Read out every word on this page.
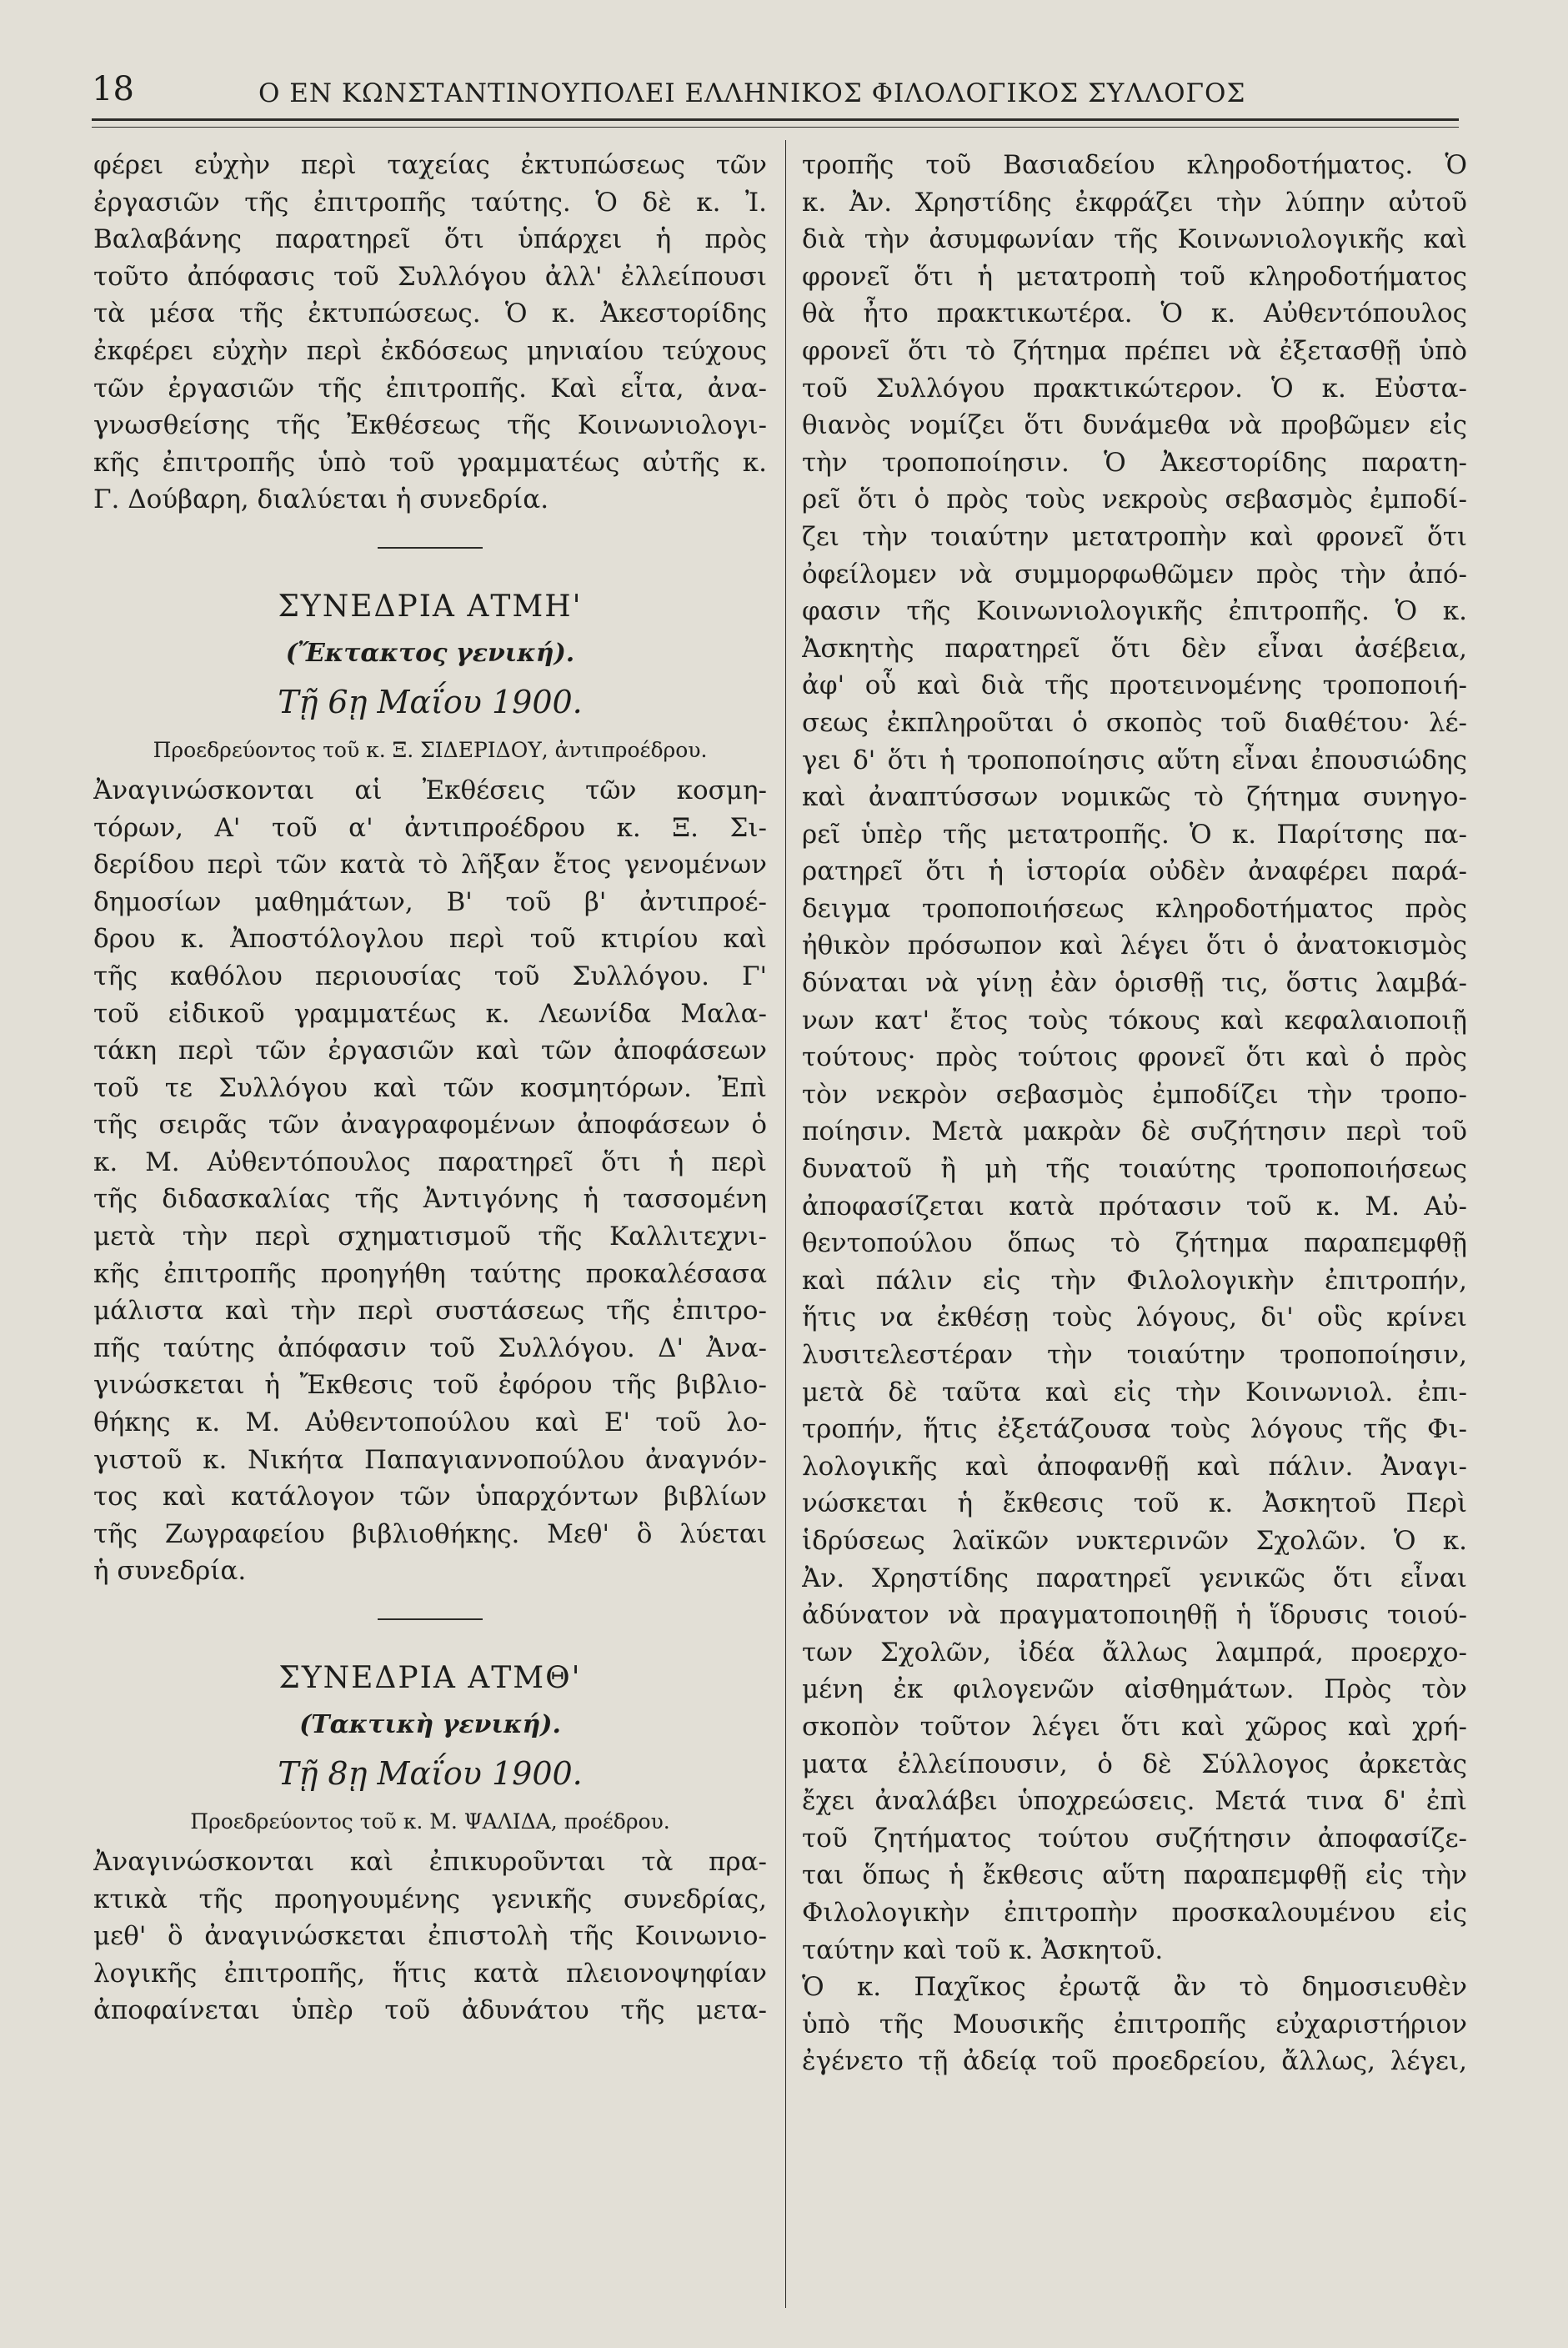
18	Ο ΕΝ ΚΩΝΣΤΑΝΤΙΝΟΥΠΟΛΕΙ ΕΛΛΗΝΙΚΟΣ ΦΙΛΟΛΟΓΙΚΟΣ ΣΥΛΛΟΓΟΣ
φέρει εὐχὴν περὶ ταχείας ἐκτυπώσεως τῶν
ἐργασιῶν τῆς ἐπιτροπῆς ταύτης. Ὁ δὲ κ. Ἰ.
Βαλαβάνης παρατηρεῖ ὅτι ὑπάρχει ἡ πρὸς
τοῦτο ἀπόφασις τοῦ Συλλόγου ἀλλ' ἐλλείπουσι
τὰ μέσα τῆς ἐκτυπώσεως. Ὁ κ. Ἀκεστορίδης
ἐκφέρει εὐχὴν περὶ ἐκδόσεως μηνιαίου τεύχους
τῶν ἐργασιῶν τῆς ἐπιτροπῆς. Καὶ εἶτα, ἀνα-
γνωσθείσης τῆς Ἐκθέσεως τῆς Κοινωνιολογι-
κῆς ἐπιτροπῆς ὑπὸ τοῦ γραμματέως αὐτῆς κ.
Γ. Δούβαρη, διαλύεται ἡ συνεδρία.
ΣΥΝΕΔΡΙΑ ΑΤΜΗ'
(Ἔκτακτος γενική).
Τῇ 6ῃ Μαΐου 1900.
Προεδρεύοντος τοῦ κ. Ξ. ΣΙΔΕΡΙΔΟΥ, ἀντιπροέδρου.
Ἀναγινώσκονται αἱ Ἐκθέσεις τῶν κοσμη-
τόρων, Α' τοῦ α' ἀντιπροέδρου κ. Ξ. Σι-
δερίδου περὶ τῶν κατὰ τὸ λῆξαν ἔτος γενομένων
δημοσίων μαθημάτων, Β' τοῦ β' ἀντιπροέ-
δρου κ. Ἀποστόλογλου περὶ τοῦ κτιρίου καὶ
τῆς καθόλου περιουσίας τοῦ Συλλόγου. Γ'
τοῦ εἰδικοῦ γραμματέως κ. Λεωνίδα Μαλα-
τάκη περὶ τῶν ἐργασιῶν καὶ τῶν ἀποφάσεων
τοῦ τε Συλλόγου καὶ τῶν κοσμητόρων. Ἐπὶ
τῆς σειρᾶς τῶν ἀναγραφομένων ἀποφάσεων ὁ
κ. Μ. Αὐθεντόπουλος παρατηρεῖ ὅτι ἡ περὶ
τῆς διδασκαλίας τῆς Ἀντιγόνης ἡ τασσομένη
μετὰ τὴν περὶ σχηματισμοῦ τῆς Καλλιτεχνι-
κῆς ἐπιτροπῆς προηγήθη ταύτης προκαλέσασα
μάλιστα καὶ τὴν περὶ συστάσεως τῆς ἐπιτρο-
πῆς ταύτης ἀπόφασιν τοῦ Συλλόγου. Δ' Ἀνα-
γινώσκεται ἡ Ἔκθεσις τοῦ ἐφόρου τῆς βιβλιο-
θήκης κ. Μ. Αὐθεντοπούλου καὶ Ε' τοῦ λο-
γιστοῦ κ. Νικήτα Παπαγιαννοπούλου ἀναγνόν-
τος καὶ κατάλογον τῶν ὑπαρχόντων βιβλίων
τῆς Ζωγραφείου βιβλιοθήκης. Μεθ' ὃ λύεται
ἡ συνεδρία.
ΣΥΝΕΔΡΙΑ ΑΤΜΘ'
(Τακτικὴ γενική).
Τῇ 8ῃ Μαΐου 1900.
Προεδρεύοντος τοῦ κ. Μ. ΨΑΛΙΔΑ, προέδρου.
Ἀναγινώσκονται καὶ ἐπικυροῦνται τὰ πρα-
κτικὰ τῆς προηγουμένης γενικῆς συνεδρίας,
μεθ' ὃ ἀναγινώσκεται ἐπιστολὴ τῆς Κοινωνιο-
λογικῆς ἐπιτροπῆς, ἥτις κατὰ πλειονοψηφίαν
ἀποφαίνεται ὑπὲρ τοῦ ἀδυνάτου τῆς μετα-
τροπῆς τοῦ Βασιαδείου κληροδοτήματος. Ὁ
κ. Ἀν. Χρηστίδης ἐκφράζει τὴν λύπην αὐτοῦ
διὰ τὴν ἀσυμφωνίαν τῆς Κοινωνιολογικῆς καὶ
φρονεῖ ὅτι ἡ μετατροπὴ τοῦ κληροδοτήματος
θὰ ἦτο πρακτικωτέρα. Ὁ κ. Αὐθεντόπουλος
φρονεῖ ὅτι τὸ ζήτημα πρέπει νὰ ἐξετασθῇ ὑπὸ
τοῦ Συλλόγου πρακτικώτερον. Ὁ κ. Εὐστα-
θιανὸς νομίζει ὅτι δυνάμεθα νὰ προβῶμεν εἰς
τὴν τροποποίησιν. Ὁ Ἀκεστορίδης παρατη-
ρεῖ ὅτι ὁ πρὸς τοὺς νεκροὺς σεβασμὸς ἐμποδί-
ζει τὴν τοιαύτην μετατροπὴν καὶ φρονεῖ ὅτι
ὀφείλομεν νὰ συμμορφωθῶμεν πρὸς τὴν ἀπό-
φασιν τῆς Κοινωνιολογικῆς ἐπιτροπῆς. Ὁ κ.
Ἀσκητὴς παρατηρεῖ ὅτι δὲν εἶναι ἀσέβεια,
ἀφ' οὗ καὶ διὰ τῆς προτεινομένης τροποποιή-
σεως ἐκπληροῦται ὁ σκοπὸς τοῦ διαθέτου· λέ-
γει δ' ὅτι ἡ τροποποίησις αὕτη εἶναι ἐπουσιώδης
καὶ ἀναπτύσσων νομικῶς τὸ ζήτημα συνηγο-
ρεῖ ὑπὲρ τῆς μετατροπῆς. Ὁ κ. Παρίτσης πα-
ρατηρεῖ ὅτι ἡ ἱστορία οὐδὲν ἀναφέρει παρά-
δειγμα τροποποιήσεως κληροδοτήματος πρὸς
ἠθικὸν πρόσωπον καὶ λέγει ὅτι ὁ ἀνατοκισμὸς
δύναται νὰ γίνῃ ἐὰν ὁρισθῇ τις, ὅστις λαμβά-
νων κατ' ἔτος τοὺς τόκους καὶ κεφαλαιοποιῇ
τούτους· πρὸς τούτοις φρονεῖ ὅτι καὶ ὁ πρὸς
τὸν νεκρὸν σεβασμὸς ἐμποδίζει τὴν τροπο-
ποίησιν. Μετὰ μακρὰν δὲ συζήτησιν περὶ τοῦ
δυνατοῦ ἢ μὴ τῆς τοιαύτης τροποποιήσεως
ἀποφασίζεται κατὰ πρότασιν τοῦ κ. Μ. Αὐ-
θεντοπούλου ὅπως τὸ ζήτημα παραπεμφθῇ
καὶ πάλιν εἰς τὴν Φιλολογικὴν ἐπιτροπήν,
ἥτις να ἐκθέσῃ τοὺς λόγους, δι' οὓς κρίνει
λυσιτελεστέραν τὴν τοιαύτην τροποποίησιν,
μετὰ δὲ ταῦτα καὶ εἰς τὴν Κοινωνιολ. ἐπι-
τροπήν, ἥτις ἐξετάζουσα τοὺς λόγους τῆς Φι-
λολογικῆς καὶ ἀποφανθῇ καὶ πάλιν. Ἀναγι-
νώσκεται ἡ ἔκθεσις τοῦ κ. Ἀσκητοῦ Περὶ
ἱδρύσεως λαϊκῶν νυκτερινῶν Σχολῶν. Ὁ κ.
Ἀν. Χρηστίδης παρατηρεῖ γενικῶς ὅτι εἶναι
ἀδύνατον νὰ πραγματοποιηθῇ ἡ ἵδρυσις τοιού-
των Σχολῶν, ἰδέα ἄλλως λαμπρά, προερχο-
μένη ἐκ φιλογενῶν αἰσθημάτων. Πρὸς τὸν
σκοπὸν τοῦτον λέγει ὅτι καὶ χῶρος καὶ χρή-
ματα ἐλλείπουσιν, ὁ δὲ Σύλλογος ἀρκετὰς
ἔχει ἀναλάβει ὑποχρεώσεις. Μετά τινα δ' ἐπὶ
τοῦ ζητήματος τούτου συζήτησιν ἀποφασίζε-
ται ὅπως ἡ ἔκθεσις αὕτη παραπεμφθῇ εἰς τὴν
Φιλολογικὴν ἐπιτροπὴν προσκαλουμένου εἰς
ταύτην καὶ τοῦ κ. Ἀσκητοῦ.
Ὁ κ. Παχῖκος ἐρωτᾷ ἂν τὸ δημοσιευθὲν
ὑπὸ τῆς Μουσικῆς ἐπιτροπῆς εὐχαριστήριον
ἐγένετο τῇ ἀδείᾳ τοῦ προεδρείου, ἄλλως, λέγει,
